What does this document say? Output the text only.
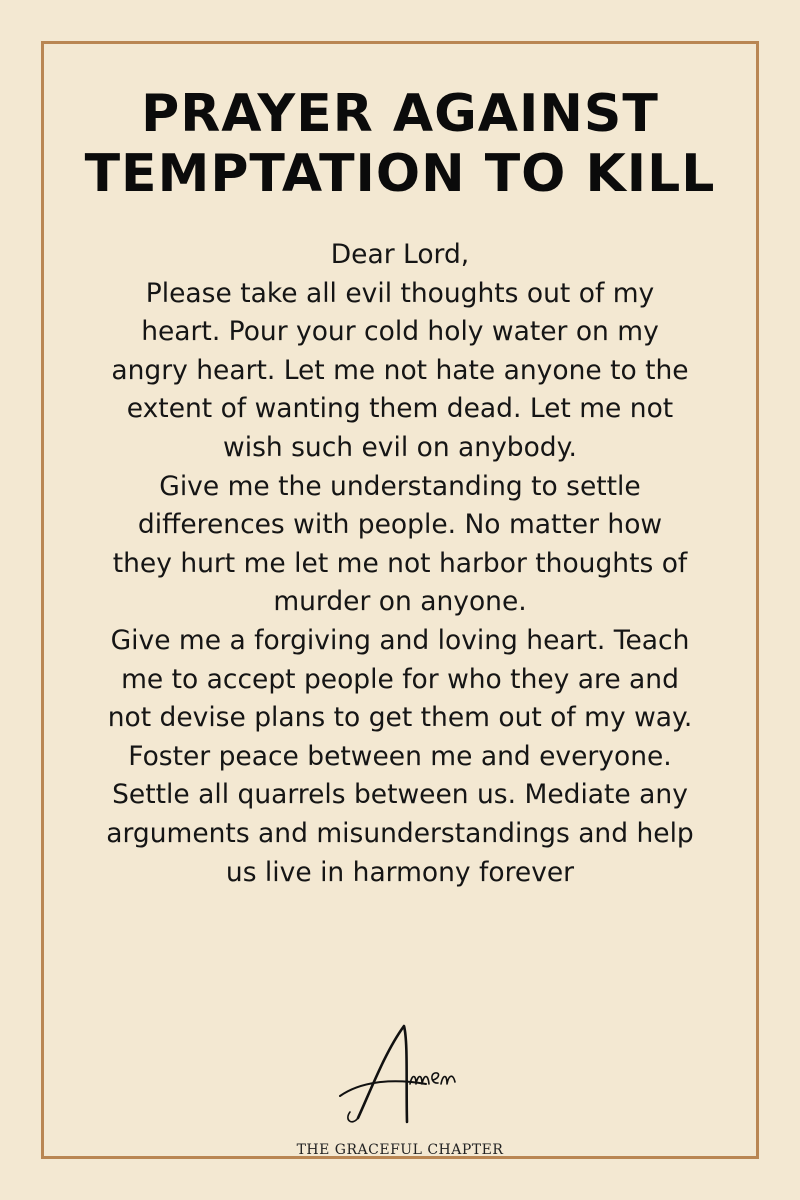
PRAYER AGAINST
TEMPTATION TO KILL
Dear Lord,
Please take all evil thoughts out of my
heart. Pour your cold holy water on my
angry heart. Let me not hate anyone to the
extent of wanting them dead. Let me not
wish such evil on anybody.
Give me the understanding to settle
differences with people. No matter how
they hurt me let me not harbor thoughts of
murder on anyone.
Give me a forgiving and loving heart. Teach
me to accept people for who they are and
not devise plans to get them out of my way.
Foster peace between me and everyone.
Settle all quarrels between us. Mediate any
arguments and misunderstandings and help
us live in harmony forever

THE GRACEFUL CHAPTER
